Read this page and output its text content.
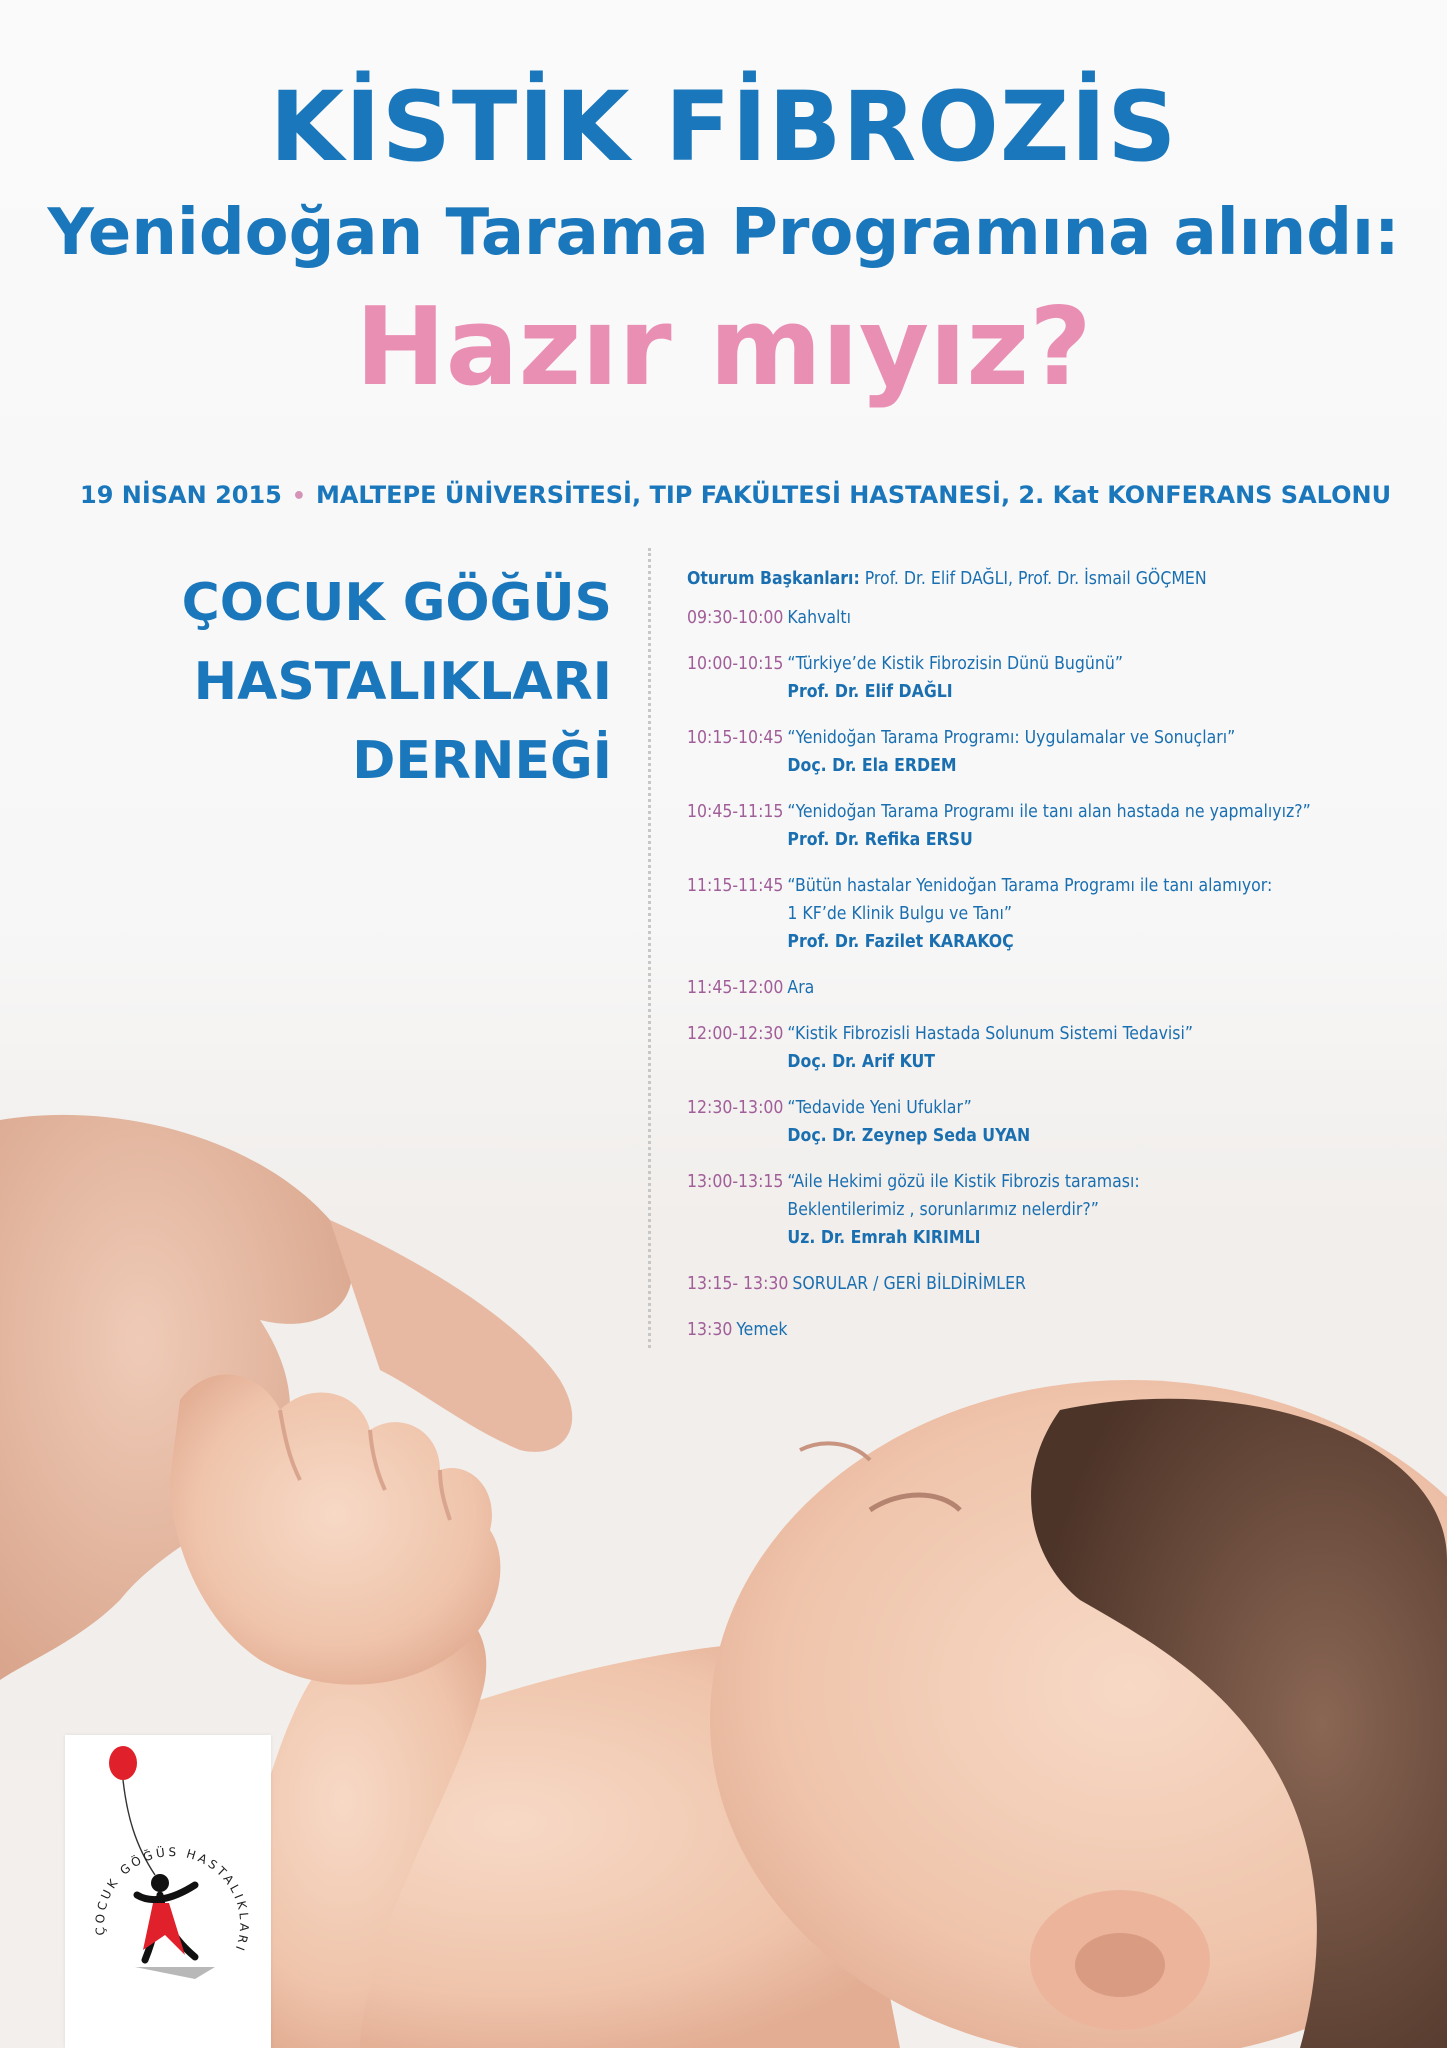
KİSTİK FİBROZİS
Yenidoğan Tarama Programına alındı:
Hazır mıyız?
19 NİSAN 2015 • MALTEPE ÜNİVERSİTESİ, TIP FAKÜLTESİ HASTANESİ, 2. Kat KONFERANS SALONU
ÇOCUK GÖĞÜS
HASTALIKLARI
DERNEĞİ
Oturum Başkanları: Prof. Dr. Elif DAĞLI, Prof. Dr. İsmail GÖÇMEN
09:30-10:00 Kahvaltı
10:00-10:15 “Türkiye’de Kistik Fibrozisin Dünü Bugünü”
Prof. Dr. Elif DAĞLI
10:15-10:45 “Yenidoğan Tarama Programı: Uygulamalar ve Sonuçları”
Doç. Dr. Ela ERDEM
10:45-11:15 “Yenidoğan Tarama Programı ile tanı alan hastada ne yapmalıyız?”
Prof. Dr. Refika ERSU
11:15-11:45 “Bütün hastalar Yenidoğan Tarama Programı ile tanı alamıyor:
1 KF’de Klinik Bulgu ve Tanı”
Prof. Dr. Fazilet KARAKOÇ
11:45-12:00 Ara
12:00-12:30 “Kistik Fibrozisli Hastada Solunum Sistemi Tedavisi”
Doç. Dr. Arif KUT
12:30-13:00 “Tedavide Yeni Ufuklar”
Doç. Dr. Zeynep Seda UYAN
13:00-13:15 “Aile Hekimi gözü ile Kistik Fibrozis taraması:
Beklentilerimiz , sorunlarımız nelerdir?”
Uz. Dr. Emrah KIRIMLI
13:15- 13:30 SORULAR / GERİ BİLDİRİMLER
13:30 Yemek
ÇOCUK GÖĞÜS HASTALIKLARI
